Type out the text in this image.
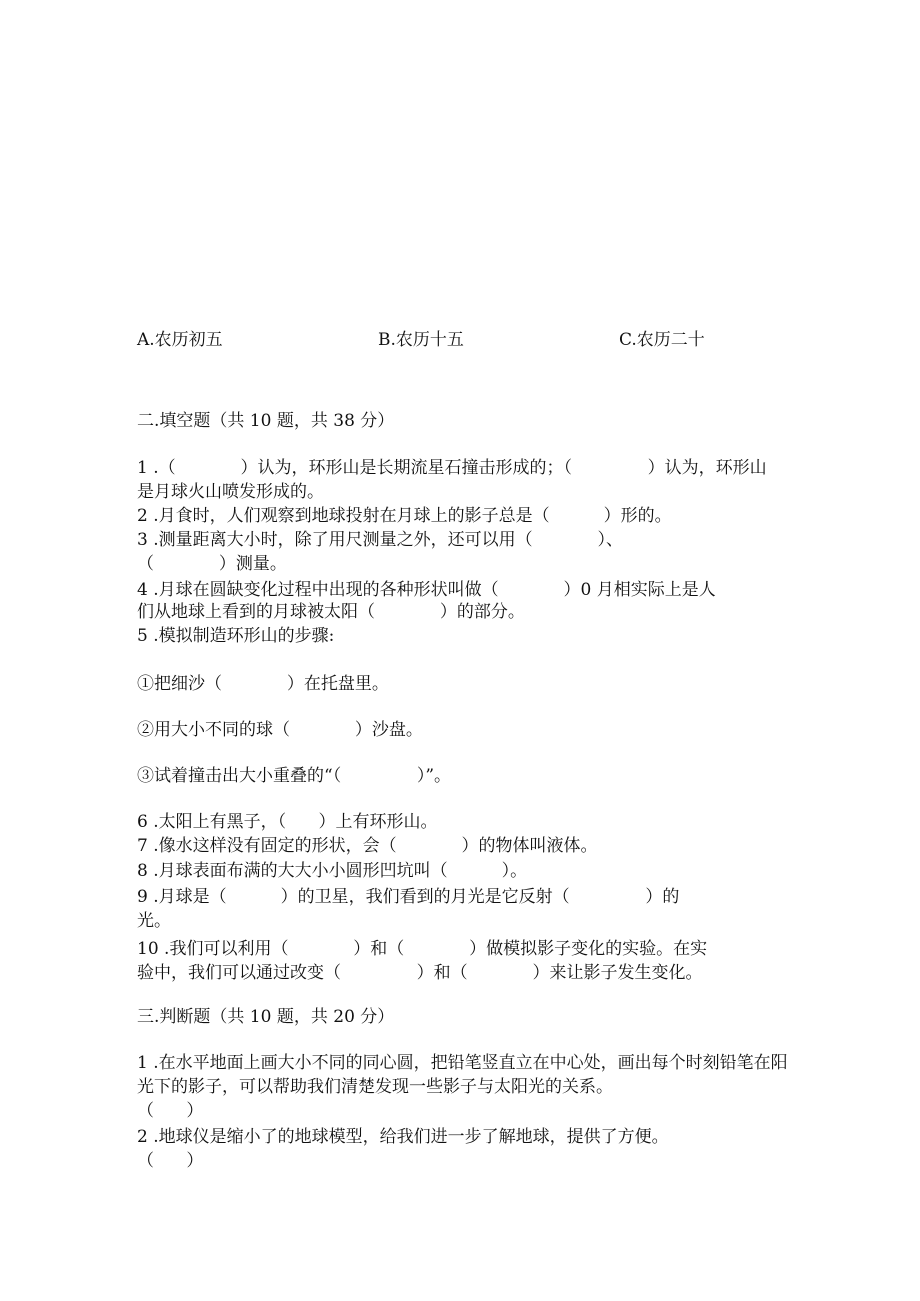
A.农历初五	B.农历十五	C.农历二十
二.填空题（共 10 题，共 38 分）
1 .（            ）认为，环形山是长期流星石撞击形成的；（              ）认为，环形山
是月球火山喷发形成的。
2 .月食时，人们观察到地球投射在月球上的影子总是（          ）形的。
3 .测量距离大小时，除了用尺测量之外，还可以用（            ）、
（            ）测量。
4 .月球在圆缺变化过程中出现的各种形状叫做（            ）0 月相实际上是人
们从地球上看到的月球被太阳（            ）的部分。
5 .模拟制造环形山的步骤:
①把细沙（            ）在托盘里。
②用大小不同的球（            ）沙盘。
③试着撞击出大小重叠的“（              ）”。
6 .太阳上有黑子，（      ）上有环形山。
7 .像水这样没有固定的形状，会（            ）的物体叫液体。
8 .月球表面布满的大大小小圆形凹坑叫（          ）。
9 .月球是（          ）的卫星，我们看到的月光是它反射（              ）的
光。
10 .我们可以利用（            ）和（            ）做模拟影子变化的实验。在实
验中，我们可以通过改变（              ）和（            ）来让影子发生变化。
三.判断题（共 10 题，共 20 分）
1 .在水平地面上画大小不同的同心圆，把铅笔竖直立在中心处，画出每个时刻铅笔在阳
光下的影子，可以帮助我们清楚发现一些影子与太阳光的关系。
（      ）
2 .地球仪是缩小了的地球模型，给我们进一步了解地球，提供了方便。
（      ）
